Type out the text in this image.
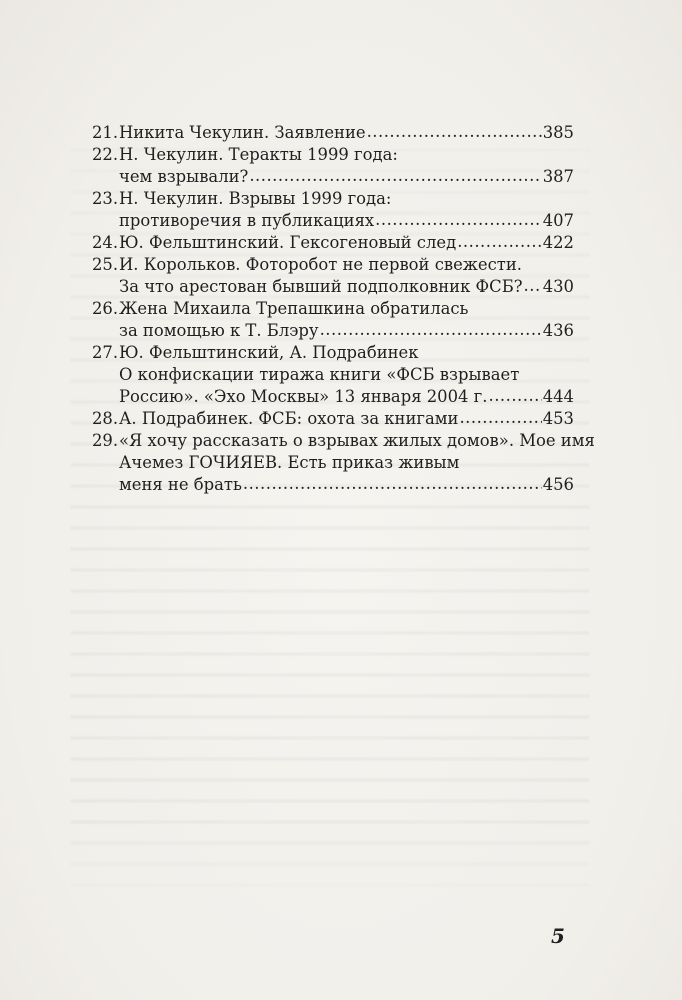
21. Никита Чекулин. Заявление .....	385
22. Н. Чекулин. Теракты 1999 года:
чем взрывали? .....	387
23. Н. Чекулин. Взрывы 1999 года:
противоречия в публикациях .....	407
24. Ю. Фельштинский. Гексогеновый след .....	422
25. И. Корольков. Фоторобот не первой свежести.
За что арестован бывший подполковник ФСБ? ..... 430
26. Жена Михаила Трепашкина обратилась
за помощью к Т. Блэру .....	436
27. Ю. Фельштинский, А. Подрабинек
О конфискации тиража книги «ФСБ взрывает
Россию». «Эхо Москвы» 13 января 2004 г. .....	444
28. А. Подрабинек. ФСБ: охота за книгами .....	453
29. «Я хочу рассказать о взрывах жилых домов». Мое имя
Ачемез ГОЧИЯЕВ. Есть приказ живым
меня не брать .....	456
5
